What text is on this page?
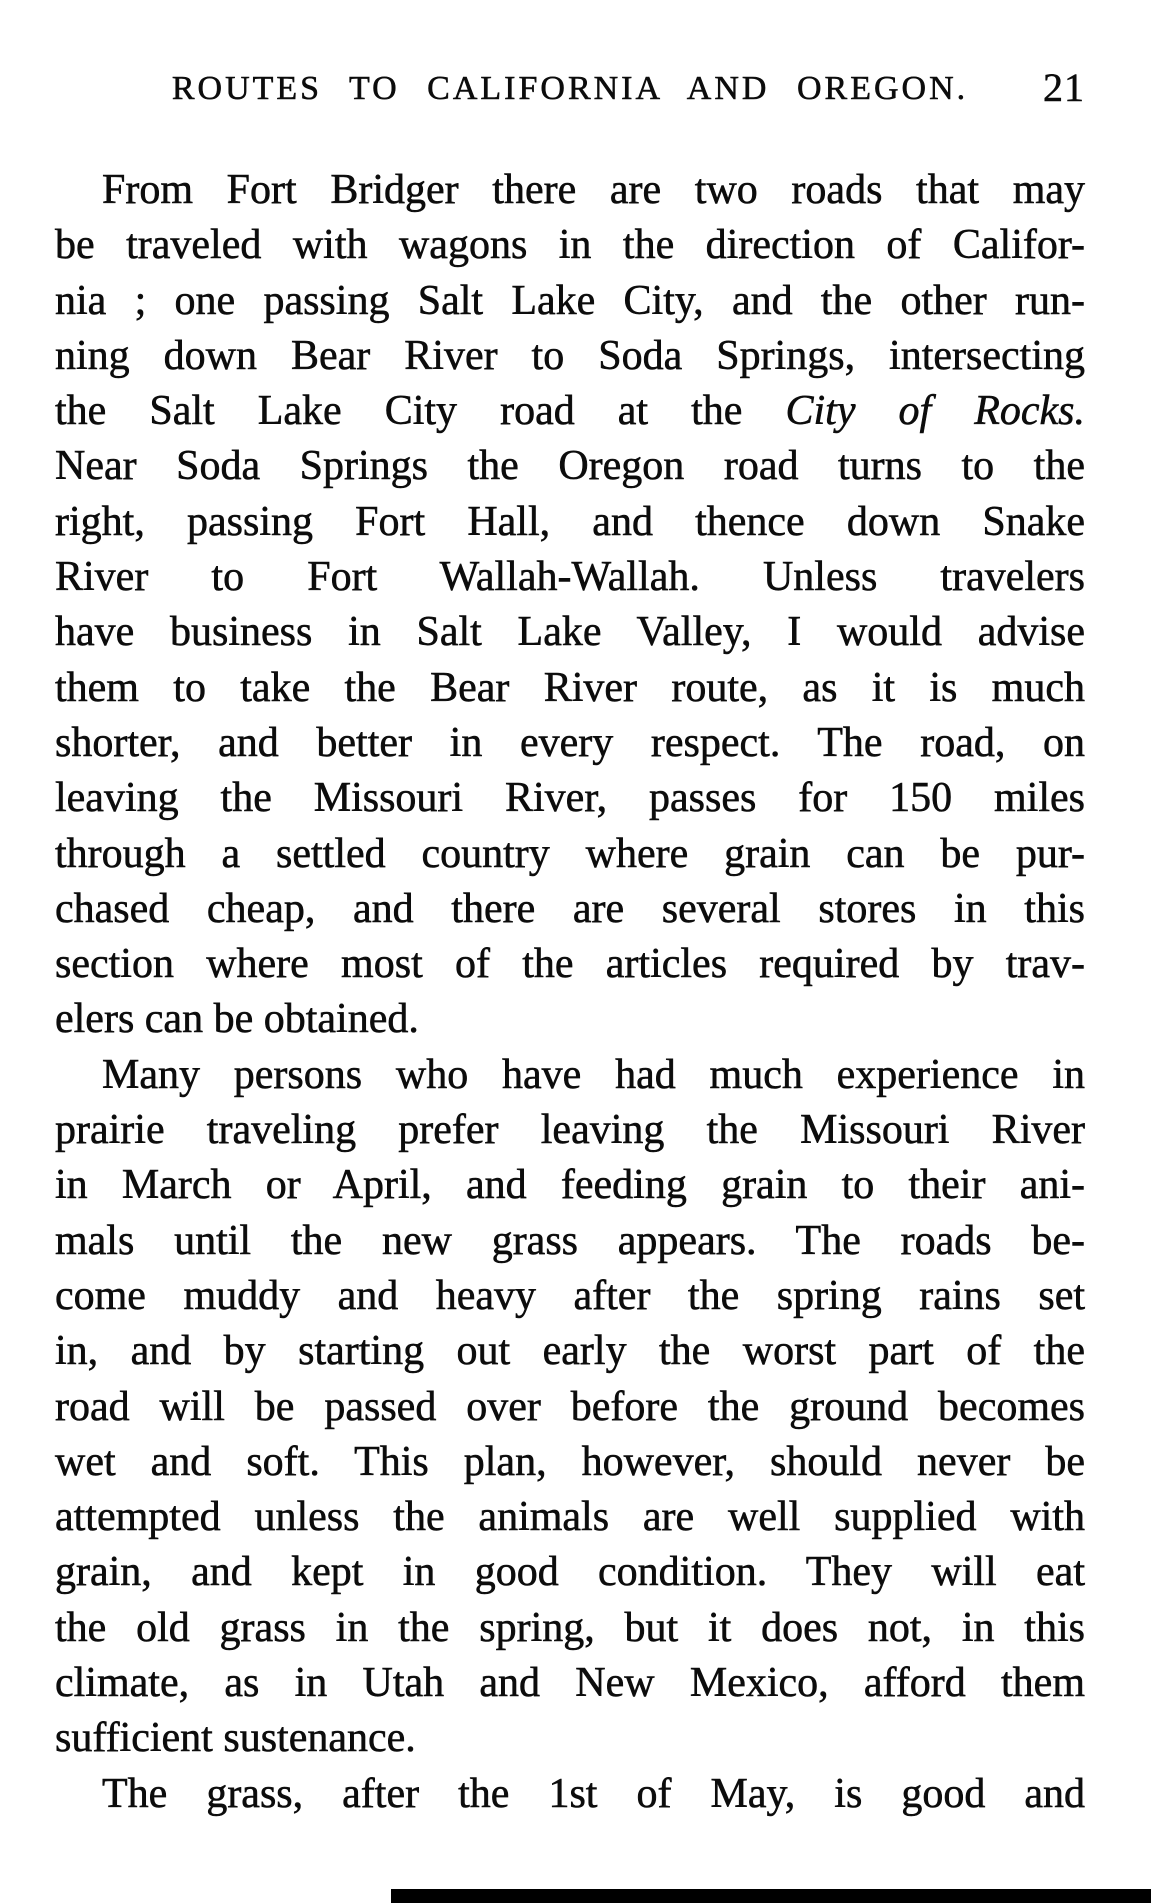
ROUTES TO CALIFORNIA AND OREGON. 21
From Fort Bridger there are two roads that may
be traveled with wagons in the direction of Califor-
nia ; one passing Salt Lake City, and the other run-
ning down Bear River to Soda Springs, intersecting
the Salt Lake City road at the City of Rocks.
Near Soda Springs the Oregon road turns to the
right, passing Fort Hall, and thence down Snake
River to Fort Wallah-Wallah. Unless travelers
have business in Salt Lake Valley, I would advise
them to take the Bear River route, as it is much
shorter, and better in every respect. The road, on
leaving the Missouri River, passes for 150 miles
through a settled country where grain can be pur-
chased cheap, and there are several stores in this
section where most of the articles required by trav-
elers can be obtained.
Many persons who have had much experience in
prairie traveling prefer leaving the Missouri River
in March or April, and feeding grain to their ani-
mals until the new grass appears. The roads be-
come muddy and heavy after the spring rains set
in, and by starting out early the worst part of the
road will be passed over before the ground becomes
wet and soft. This plan, however, should never be
attempted unless the animals are well supplied with
grain, and kept in good condition. They will eat
the old grass in the spring, but it does not, in this
climate, as in Utah and New Mexico, afford them
sufficient sustenance.
The grass, after the 1st of May, is good and
